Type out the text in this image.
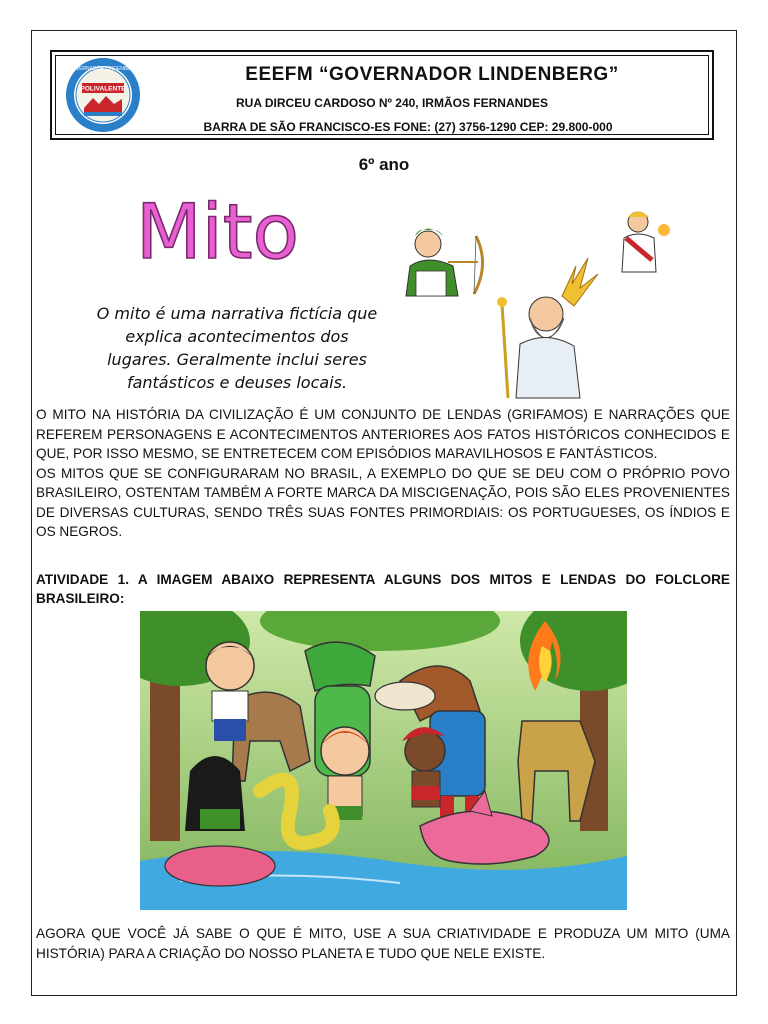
POLIVALENTE
GOVERNADOR LINDENBERG	EEEFM “GOVERNADOR LINDENBERG”
RUA DIRCEU CARDOSO Nº 240, IRMÃOS FERNANDES
BARRA DE SÃO FRANCISCO-ES FONE: (27) 3756-1290 CEP: 29.800-000
6º ano
Mito
O mito é uma narrativa fictícia que explica acontecimentos dos lugares. Geralmente inclui seres fantásticos e deuses locais.

O MITO NA HISTÓRIA DA CIVILIZAÇÃO É UM CONJUNTO DE LENDAS (GRIFAMOS) E NARRAÇÕES QUE REFEREM PERSONAGENS E ACONTECIMENTOS ANTERIORES AOS FATOS HISTÓRICOS CONHECIDOS E QUE, POR ISSO MESMO, SE ENTRETECEM COM EPISÓDIOS MARAVILHOSOS E FANTÁSTICOS.

OS MITOS QUE SE CONFIGURARAM NO BRASIL, A EXEMPLO DO QUE SE DEU COM O PRÓPRIO POVO BRASILEIRO, OSTENTAM TAMBÉM A FORTE MARCA DA MISCIGENAÇÃO, POIS SÃO ELES PROVENIENTES DE DIVERSAS CULTURAS, SENDO TRÊS SUAS FONTES PRIMORDIAIS: OS PORTUGUESES, OS ÍNDIOS E OS NEGROS.

ATIVIDADE 1. A IMAGEM ABAIXO REPRESENTA ALGUNS DOS MITOS E LENDAS DO FOLCLORE BRASILEIRO:
AGORA QUE VOCÊ JÁ SABE O QUE É MITO, USE A SUA CRIATIVIDADE E PRODUZA UM MITO (UMA HISTÓRIA) PARA A CRIAÇÃO DO NOSSO PLANETA E TUDO QUE NELE EXISTE.
